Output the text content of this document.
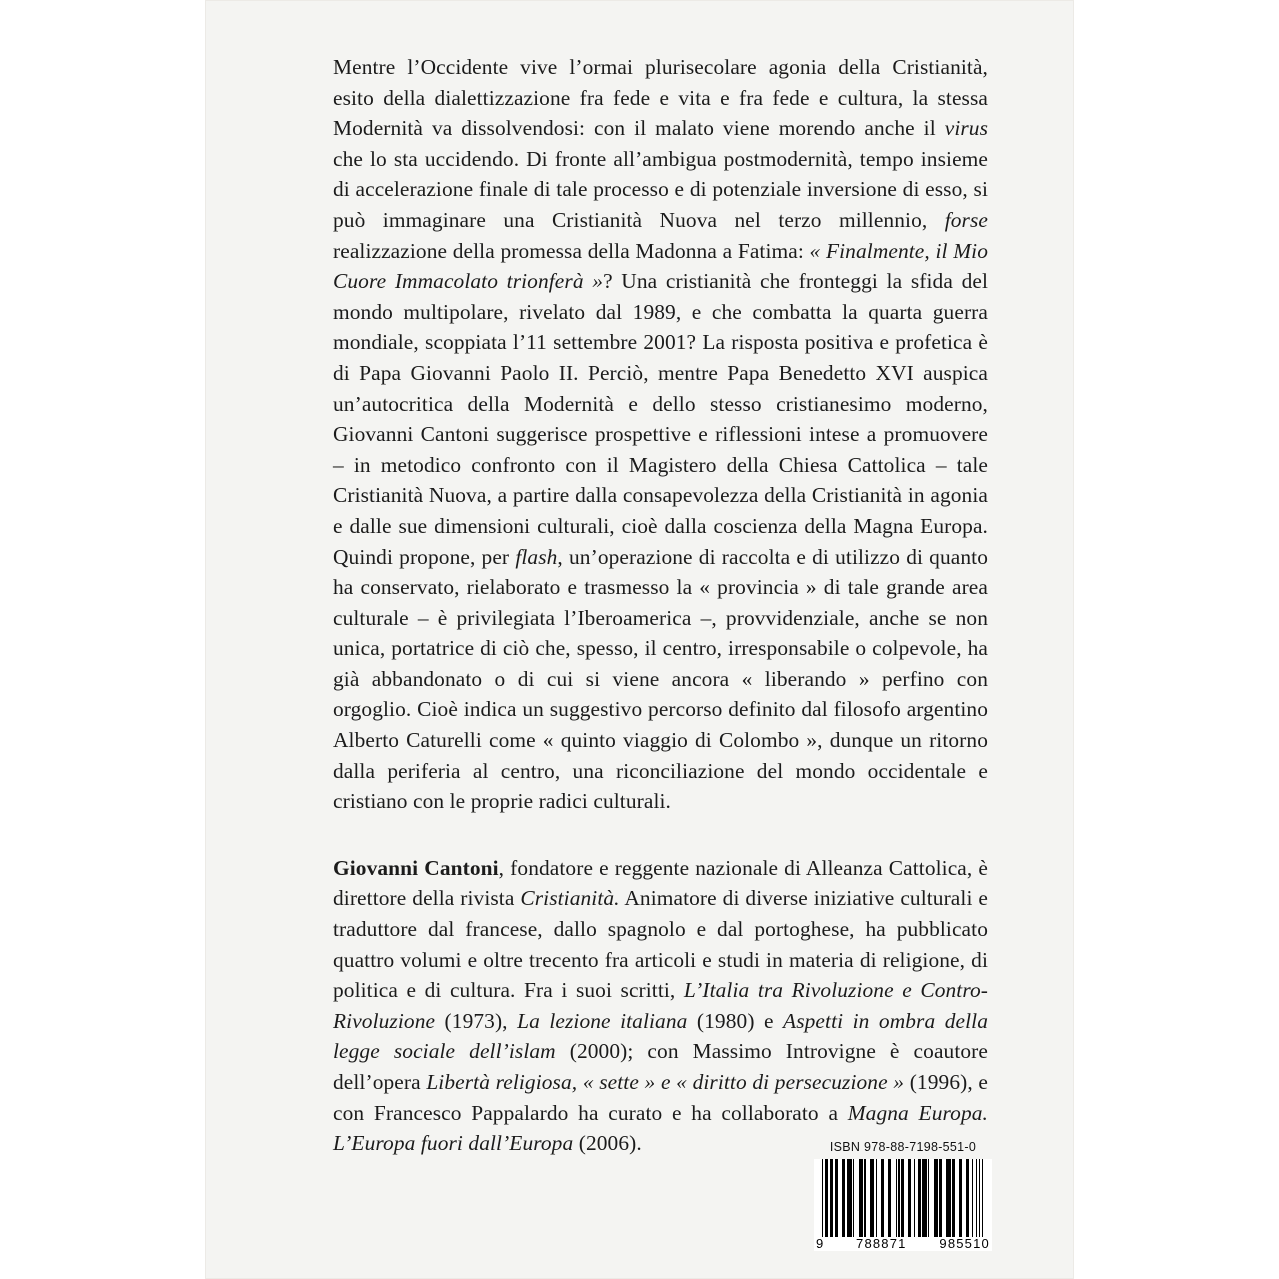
Mentre l’Occidente vive l’ormai plurisecolare agonia della Cristianità, esito della dialettizzazione fra fede e vita e fra fede e cultura, la stessa Modernità va dissolvendosi: con il malato viene morendo anche il virus che lo sta uccidendo. Di fronte all’ambigua postmodernità, tempo insieme di accelerazione finale di tale processo e di potenziale inversione di esso, si può immaginare una Cristianità Nuova nel terzo millennio, forse realizzazione della promessa della Madonna a Fatima: « Finalmente, il Mio Cuore Immacolato trionferà »? Una cristianità che fronteggi la sfida del mondo multipolare, rivelato dal 1989, e che combatta la quarta guerra mondiale, scoppiata l’11 settembre 2001? La risposta positiva e profetica è di Papa Giovanni Paolo II. Perciò, mentre Papa Benedetto XVI auspica un’autocritica della Modernità e dello stesso cristianesimo moderno, Giovanni Cantoni suggerisce prospettive e riflessioni intese a promuovere – in metodico confronto con il Magistero della Chiesa Cattolica – tale Cristianità Nuova, a partire dalla consapevolezza della Cristianità in agonia e dalle sue dimensioni culturali, cioè dalla coscienza della Magna Europa. Quindi propone, per flash, un’operazione di raccolta e di utilizzo di quanto ha conservato, rielaborato e trasmesso la « provincia » di tale grande area culturale – è privilegiata l’Iberoamerica –, provvidenziale, anche se non unica, portatrice di ciò che, spesso, il centro, irresponsabile o colpevole, ha già abbandonato o di cui si viene ancora « liberando » perfino con orgoglio. Cioè indica un suggestivo percorso definito dal filosofo argentino Alberto Caturelli come « quinto viaggio di Colombo », dunque un ritorno dalla periferia al centro, una riconciliazione del mondo occidentale e cristiano con le proprie radici culturali.

Giovanni Cantoni, fondatore e reggente nazionale di Alleanza Cattolica, è direttore della rivista Cristianità. Animatore di diverse iniziative culturali e traduttore dal francese, dallo spagnolo e dal portoghese, ha pubblicato quattro volumi e oltre trecento fra articoli e studi in materia di religione, di politica e di cultura. Fra i suoi scritti, L’Italia tra Rivoluzione e Contro-Rivoluzione (1973), La lezione italiana (1980) e Aspetti in ombra della legge sociale dell’islam (2000); con Massimo Introvigne è coautore dell’opera Libertà religiosa, « sette » e « diritto di persecuzione » (1996), e con Francesco Pappalardo ha curato e ha collaborato a Magna Europa. L’Europa fuori dall’Europa (2006).	ISBN 978-88-7198-551-0
9	788871	985510
